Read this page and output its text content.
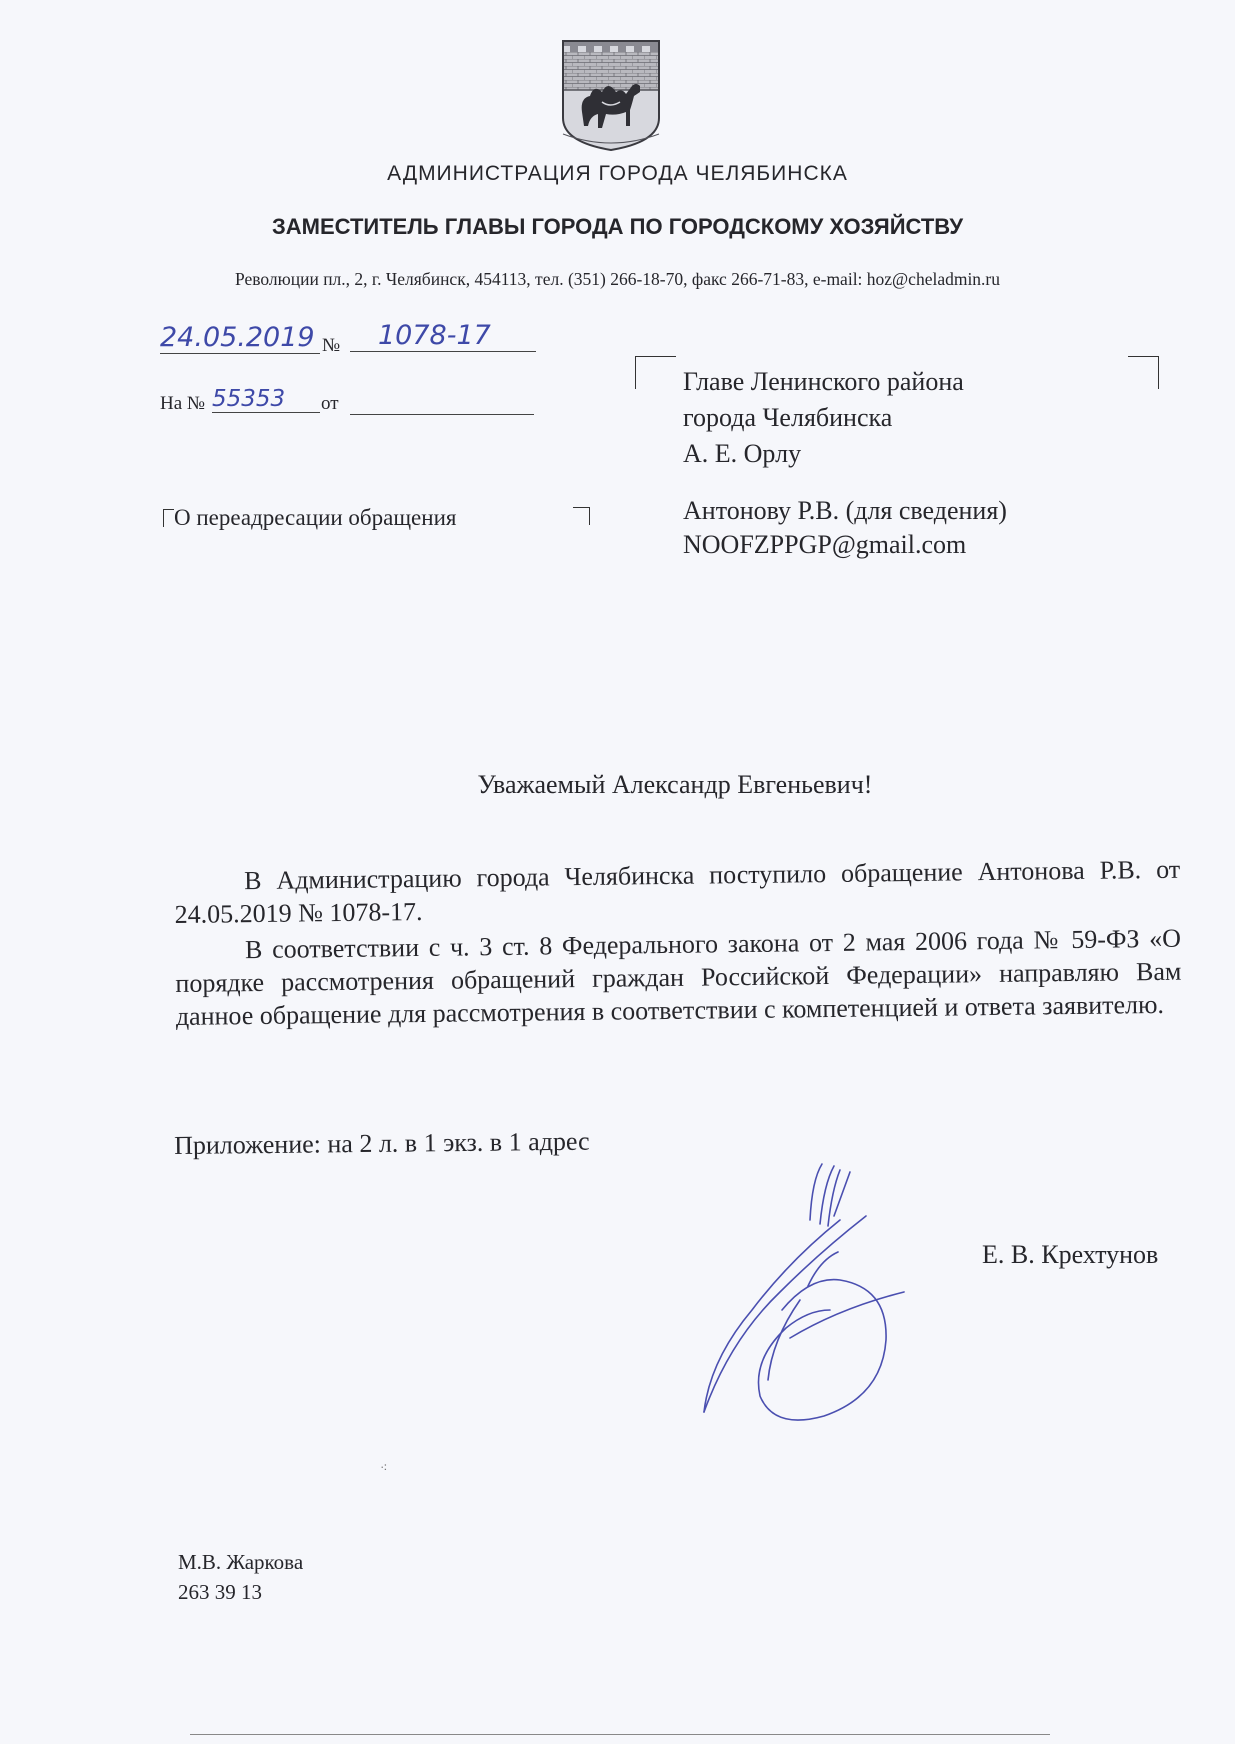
АДМИНИСТРАЦИЯ ГОРОДА ЧЕЛЯБИНСКА
ЗАМЕСТИТЕЛЬ ГЛАВЫ ГОРОДА ПО ГОРОДСКОМУ ХОЗЯЙСТВУ
Революции пл., 2, г. Челябинск, 454113, тел. (351) 266-18-70, факс 266-71-83, e-mail: hoz@cheladmin.ru
24.05.2019 №	1078-17
На № 55353	от
Главе Ленинского района
города Челябинска
А. Е. Орлу
Антонову Р.В. (для сведения)
NOOFZPPGP@gmail.com
О переадресации обращения
Уважаемый Александр Евгеньевич!

В Администрацию города Челябинска поступило обращение Антонова Р.В. от 24.05.2019 № 1078-17.

В соответствии с ч. 3 ст. 8 Федерального закона от 2 мая 2006 года № 59-ФЗ «О порядке рассмотрения обращений граждан Российской Федерации» направляю Вам данное обращение для рассмотрения в соответствии с компетенцией и ответа заявителю.

Приложение: на 2 л. в 1 экз. в 1 адрес
Е. В. Крехтунов
⁖
М.В. Жаркова
263 39 13
